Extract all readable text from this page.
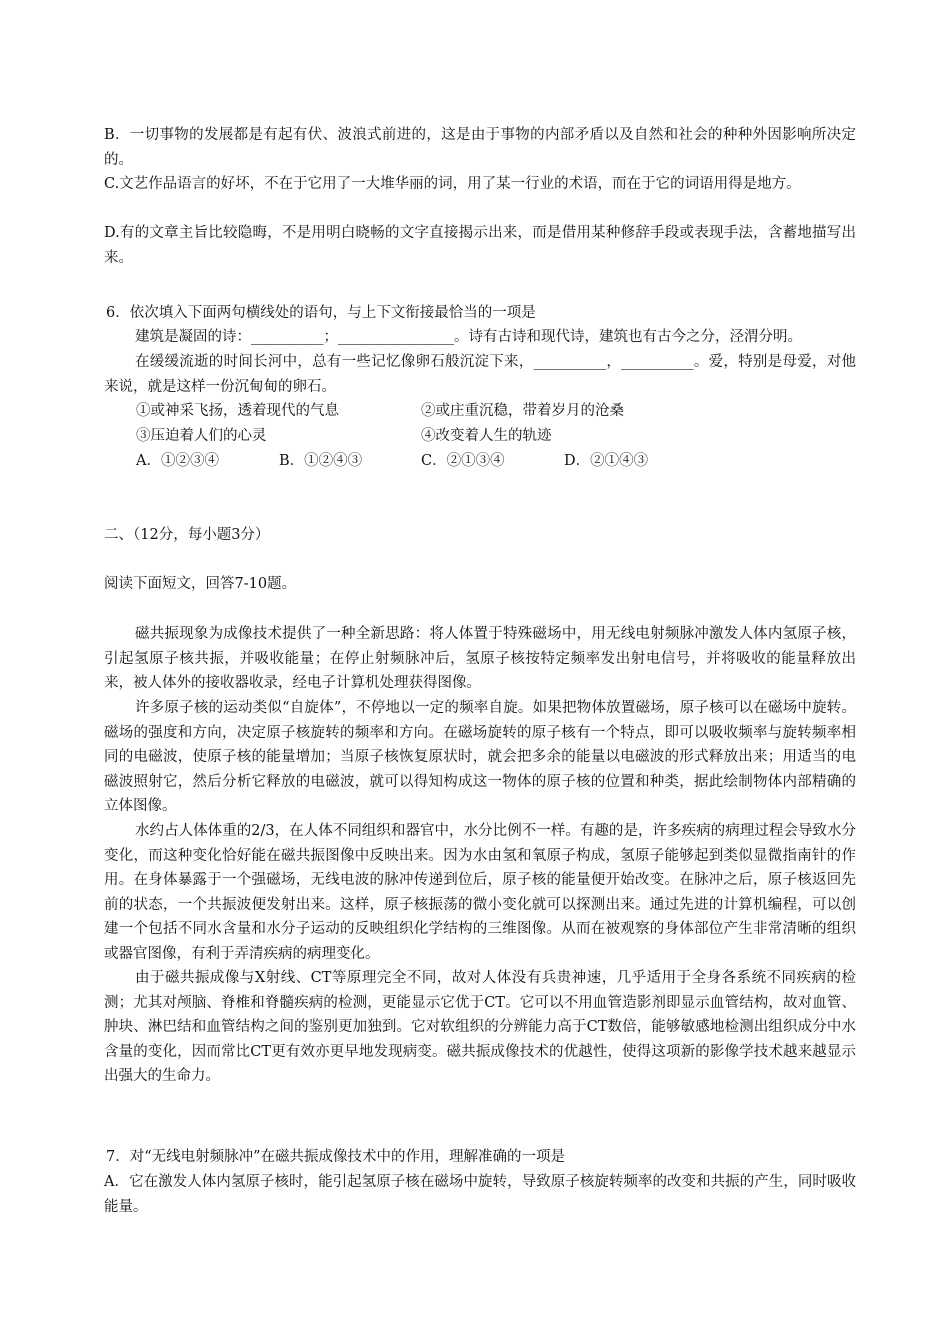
B．一切事物的发展都是有起有伏、波浪式前进的，这是由于事物的内部矛盾以及自然和社会的种种外因影响所决定的。

C.文艺作品语言的好坏，不在于它用了一大堆华丽的词，用了某一行业的术语，而在于它的词语用得是地方。

D.有的文章主旨比较隐晦，不是用明白晓畅的文字直接揭示出来，而是借用某种修辞手段或表现手法，含蓄地描写出来。

6．依次填入下面两句横线处的语句，与上下文衔接最恰当的一项是

建筑是凝固的诗：__________；________________。诗有古诗和现代诗，建筑也有古今之分，泾渭分明。

在缓缓流逝的时间长河中，总有一些记忆像卵石般沉淀下来，__________，__________。爱，特别是母爱，对他来说，就是这样一份沉甸甸的卵石。

①或神采飞扬，透着现代的气息	②或庄重沉稳，带着岁月的沧桑

③压迫着人们的心灵	④改变着人生的轨迹

A．①②③④	B．①②④③	C．②①③④	D．②①④③

二、（12分，每小题3分）

阅读下面短文，回答7-10题。

磁共振现象为成像技术提供了一种全新思路：将人体置于特殊磁场中，用无线电射频脉冲激发人体内氢原子核，引起氢原子核共振，并吸收能量；在停止射频脉冲后，氢原子核按特定频率发出射电信号，并将吸收的能量释放出来，被人体外的接收器收录，经电子计算机处理获得图像。

许多原子核的运动类似“自旋体”，不停地以一定的频率自旋。如果把物体放置磁场，原子核可以在磁场中旋转。磁场的强度和方向，决定原子核旋转的频率和方向。在磁场旋转的原子核有一个特点，即可以吸收频率与旋转频率相同的电磁波，使原子核的能量增加；当原子核恢复原状时，就会把多余的能量以电磁波的形式释放出来；用适当的电磁波照射它，然后分析它释放的电磁波，就可以得知构成这一物体的原子核的位置和种类，据此绘制物体内部精确的立体图像。

水约占人体体重的2/3，在人体不同组织和器官中，水分比例不一样。有趣的是，许多疾病的病理过程会导致水分变化，而这种变化恰好能在磁共振图像中反映出来。因为水由氢和氧原子构成，氢原子能够起到类似显微指南针的作用。在身体暴露于一个强磁场，无线电波的脉冲传递到位后，原子核的能量便开始改变。在脉冲之后，原子核返回先前的状态，一个共振波便发射出来。这样，原子核振荡的微小变化就可以探测出来。通过先进的计算机编程，可以创建一个包括不同水含量和水分子运动的反映组织化学结构的三维图像。从而在被观察的身体部位产生非常清晰的组织或器官图像，有利于弄清疾病的病理变化。

由于磁共振成像与X射线、CT等原理完全不同，故对人体没有兵贵神速，几乎适用于全身各系统不同疾病的检测；尤其对颅脑、脊椎和脊髓疾病的检测，更能显示它优于CT。它可以不用血管造影剂即显示血管结构，故对血管、肿块、淋巴结和血管结构之间的鉴别更加独到。它对软组织的分辨能力高于CT数倍，能够敏感地检测出组织成分中水含量的变化，因而常比CT更有效亦更早地发现病变。磁共振成像技术的优越性，使得这项新的影像学技术越来越显示出强大的生命力。

7．对“无线电射频脉冲”在磁共振成像技术中的作用，理解准确的一项是

A．它在激发人体内氢原子核时，能引起氢原子核在磁场中旋转，导致原子核旋转频率的改变和共振的产生，同时吸收能量。
